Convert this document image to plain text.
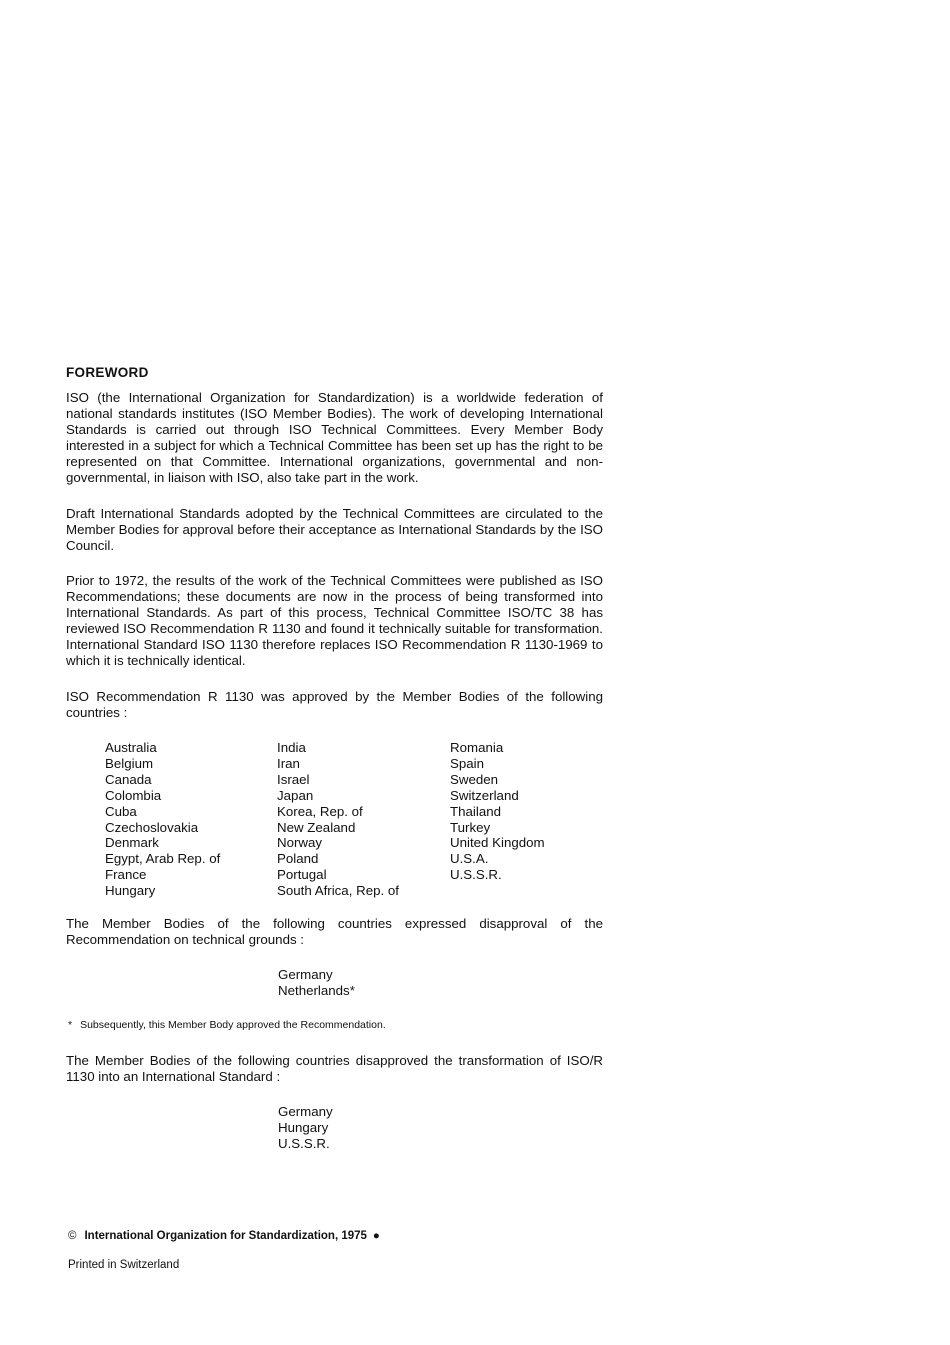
FOREWORD
ISO (the International Organization for Standardization) is a worldwide federation of national standards institutes (ISO Member Bodies). The work of developing International Standards is carried out through ISO Technical Committees. Every Member Body interested in a subject for which a Technical Committee has been set up has the right to be represented on that Committee. International organizations, governmental and non-governmental, in liaison with ISO, also take part in the work.
Draft International Standards adopted by the Technical Committees are circulated to the Member Bodies for approval before their acceptance as International Standards by the ISO Council.
Prior to 1972, the results of the work of the Technical Committees were published as ISO Recommendations; these documents are now in the process of being transformed into International Standards. As part of this process, Technical Committee ISO/TC 38 has reviewed ISO Recommendation R 1130 and found it technically suitable for transformation. International Standard ISO 1130 therefore replaces ISO Recommendation R 1130-1969 to which it is technically identical.
ISO Recommendation R 1130 was approved by the Member Bodies of the following countries :
Australia
Belgium
Canada
Colombia
Cuba
Czechoslovakia
Denmark
Egypt, Arab Rep. of
France
Hungary
India
Iran
Israel
Japan
Korea, Rep. of
New Zealand
Norway
Poland
Portugal
South Africa, Rep. of
Romania
Spain
Sweden
Switzerland
Thailand
Turkey
United Kingdom
U.S.A.
U.S.S.R.
The Member Bodies of the following countries expressed disapproval of the Recommendation on technical grounds :
Germany
Netherlands*
* Subsequently, this Member Body approved the Recommendation.
The Member Bodies of the following countries disapproved the transformation of ISO/R 1130 into an International Standard :
Germany
Hungary
U.S.S.R.
© International Organization for Standardization, 1975 ●
Printed in Switzerland
